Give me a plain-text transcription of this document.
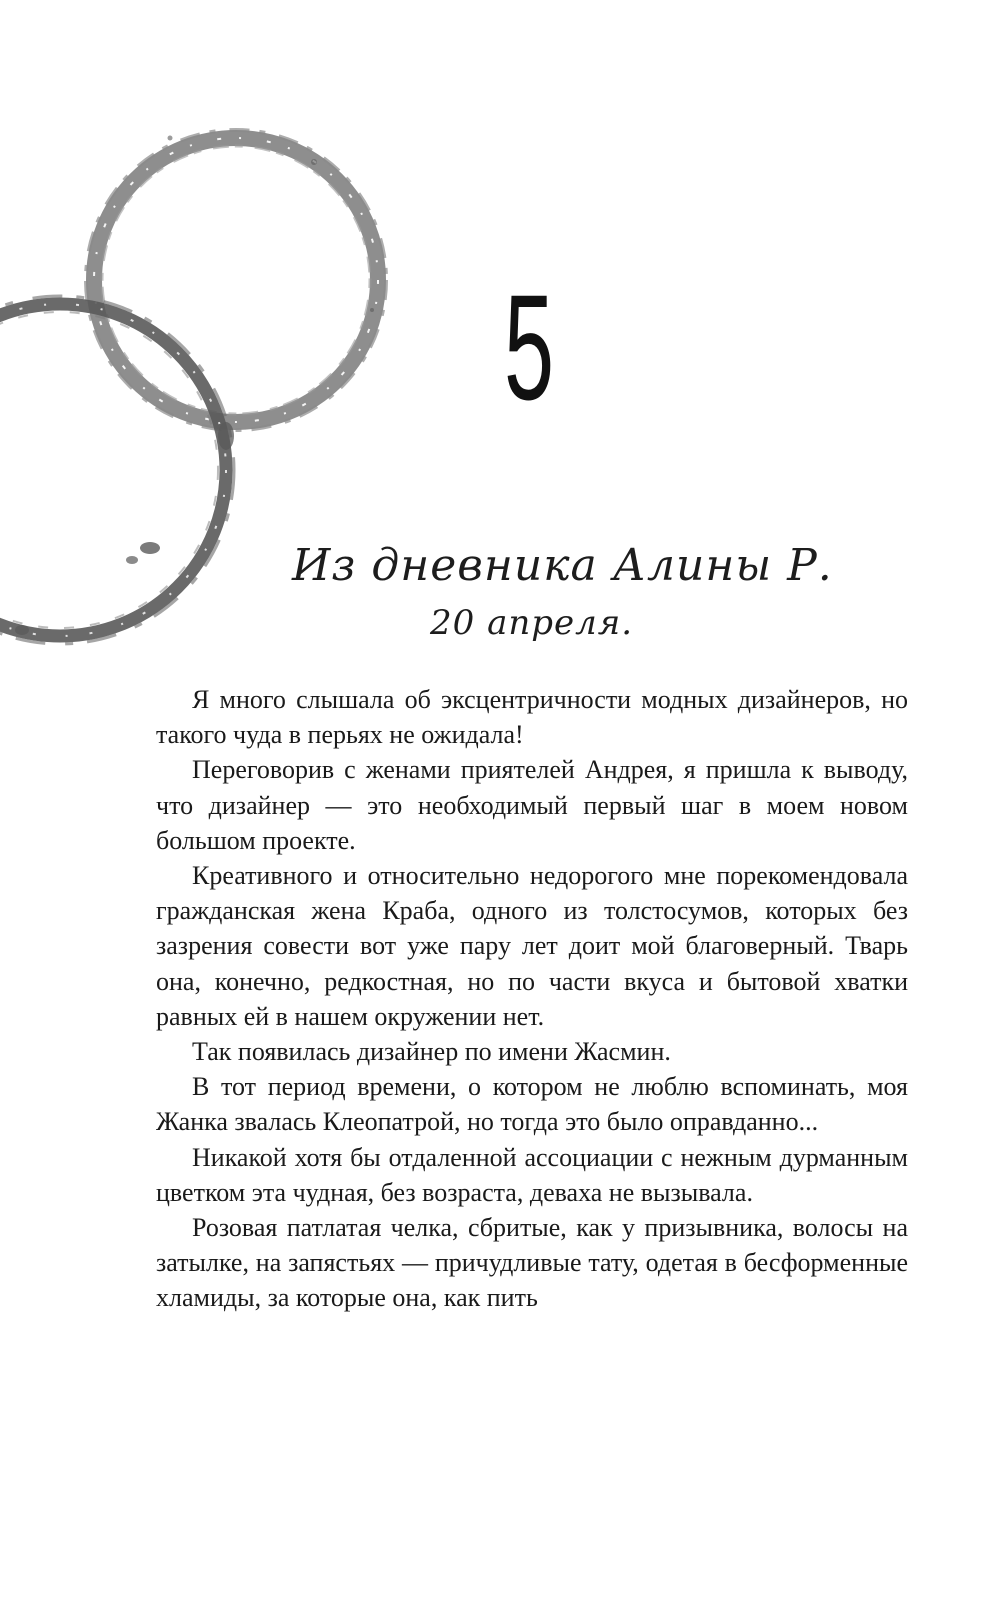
5
Из дневника Алины Р.
20 апреля.

Я много слышала об эксцентричности модных дизайнеров, но такого чуда в перьях не ожидала!

Переговорив с женами приятелей Андрея, я пришла к выводу, что дизайнер — это необходимый первый шаг в моем новом большом проекте.

Креативного и относительно недорогого мне порекомендовала гражданская жена Краба, одного из толстосумов, которых без зазрения совести вот уже пару лет доит мой благоверный. Тварь она, конечно, редкостная, но по части вкуса и бытовой хватки равных ей в нашем окружении нет.

Так появилась дизайнер по имени Жасмин.

В тот период времени, о котором не люблю вспоминать, моя Жанка звалась Клеопатрой, но тогда это было оправданно...

Никакой хотя бы отдаленной ассоциации с нежным дурманным цветком эта чудная, без возраста, деваха не вызывала.

Розовая патлатая челка, сбритые, как у призывника, волосы на затылке, на запястьях — причудливые тату, одетая в бесформенные хламиды, за которые она, как пить
